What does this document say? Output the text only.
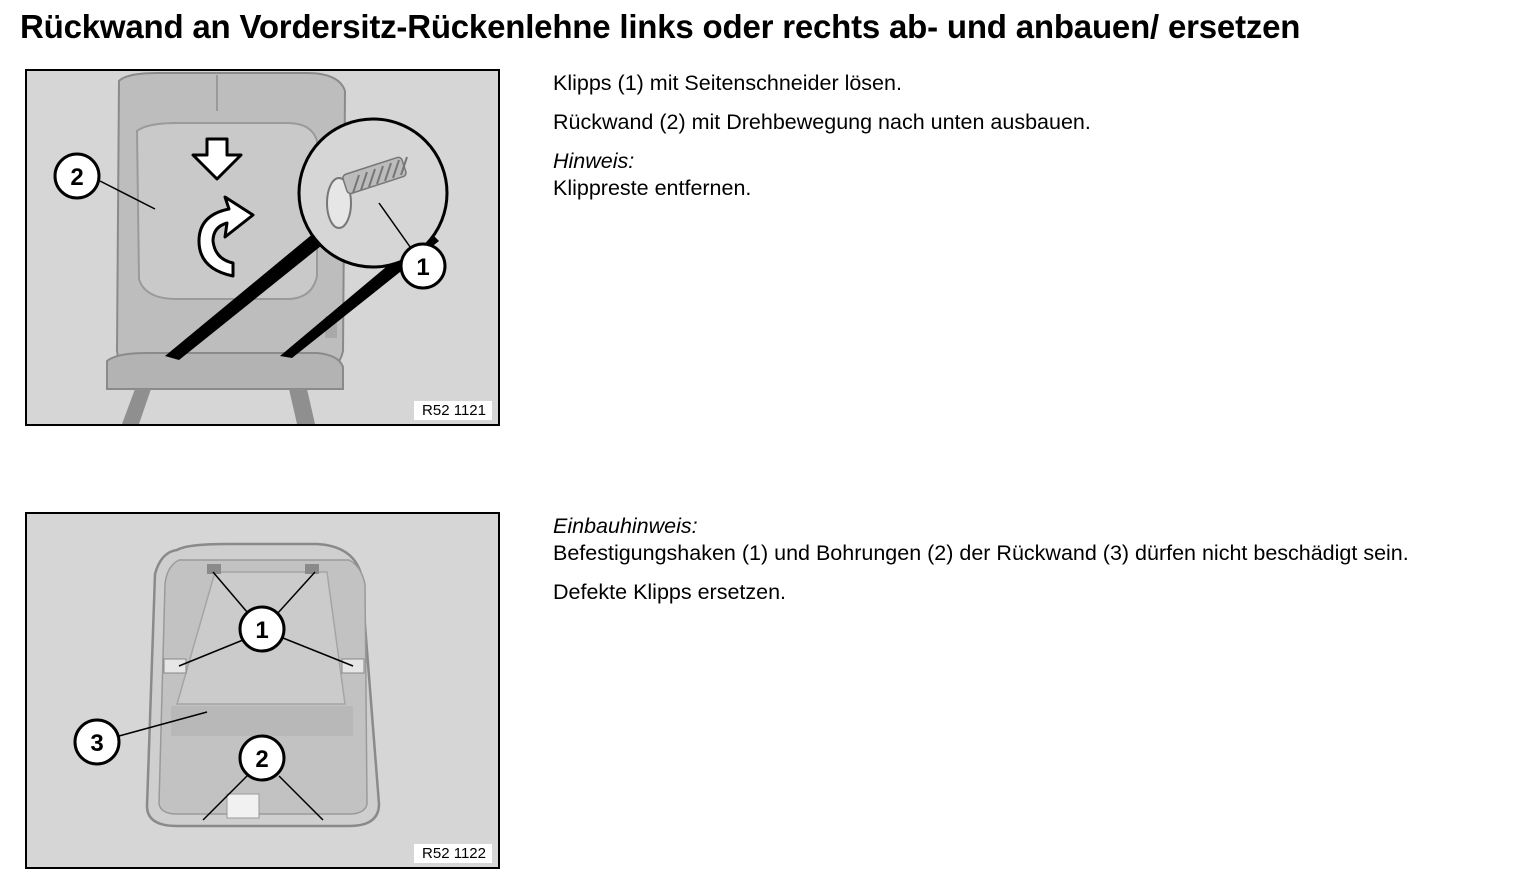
Rückwand an Vordersitz-Rückenlehne links oder rechts ab- und anbauen/ ersetzen
2
1
R52 1121

Klipps (1) mit Seitenschneider lösen.

Rückwand (2) mit Drehbewegung nach unten ausbauen.

Hinweis:

Klippreste entfernen.

1
3
2
R52 1122

Einbauhinweis:

Befestigungshaken (1) und Bohrungen (2) der Rückwand (3) dürfen nicht beschädigt sein.

Defekte Klipps ersetzen.
